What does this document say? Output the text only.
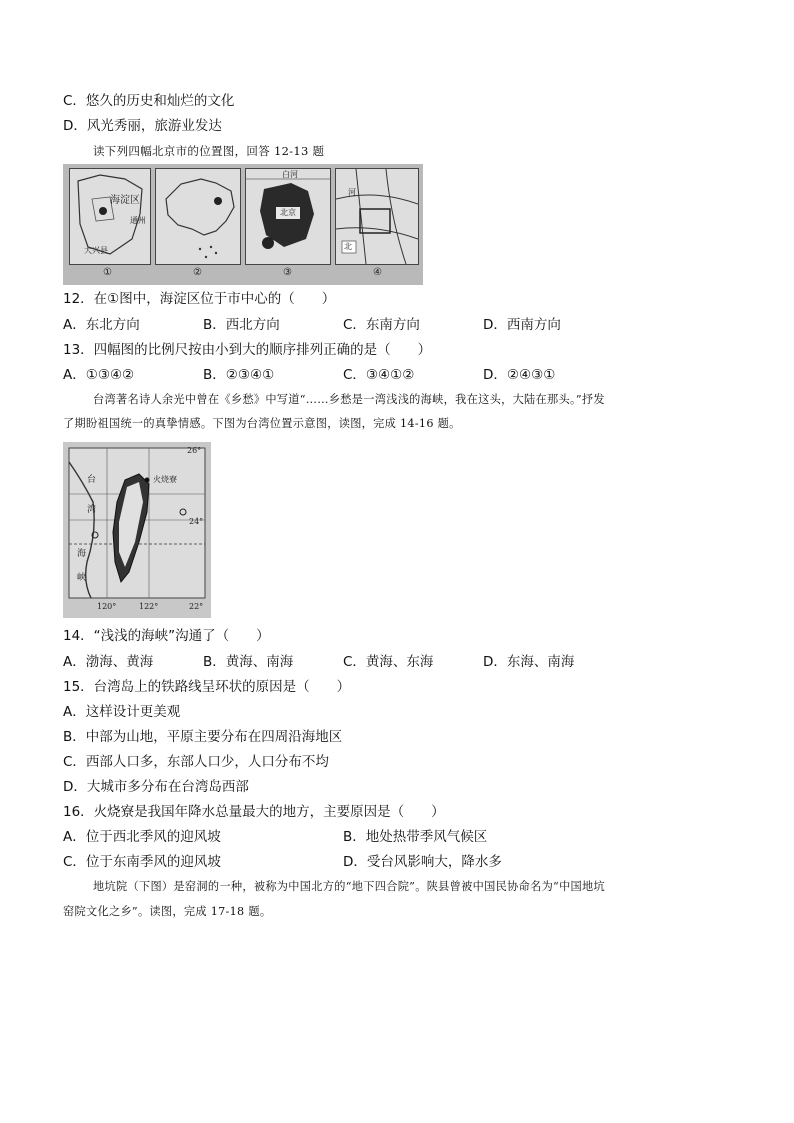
C．悠久的历史和灿烂的文化
D．风光秀丽，旅游业发达
读下列四幅北京市的位置图，回答 12-13 题
海淀区
通州
大兴县
①	②
北京
白河
③
北
河
④
12．在①图中，海淀区位于市中心的（　　）
A．东北方向	B．西北方向	C．东南方向	D．西南方向
13．四幅图的比例尺按由小到大的顺序排列正确的是（　　）
A．①③④②	B．②③④①	C．③④①②	D．②④③①
台湾著名诗人余光中曾在《乡愁》中写道“……乡愁是一湾浅浅的海峡，我在这头，大陆在那头。”抒发
了期盼祖国统一的真挚情感。下图为台湾位置示意图，读图，完成 14-16 题。
26°
24°
22°
120°	122°
台
湾
海
峡
火烧寮
14．“浅浅的海峡”沟通了（　　）
A．渤海、黄海	B．黄海、南海	C．黄海、东海	D．东海、南海
15．台湾岛上的铁路线呈环状的原因是（　　）
A．这样设计更美观
B．中部为山地，平原主要分布在四周沿海地区
C．西部人口多，东部人口少，人口分布不均
D．大城市多分布在台湾岛西部
16．火烧寮是我国年降水总量最大的地方，主要原因是（　　）
A．位于西北季风的迎风坡	B．地处热带季风气候区
C．位于东南季风的迎风坡	D．受台风影响大，降水多
地坑院（下图）是窑洞的一种，被称为中国北方的“地下四合院”。陕县曾被中国民协命名为“中国地坑
窑院文化之乡”。读图，完成 17-18 题。
